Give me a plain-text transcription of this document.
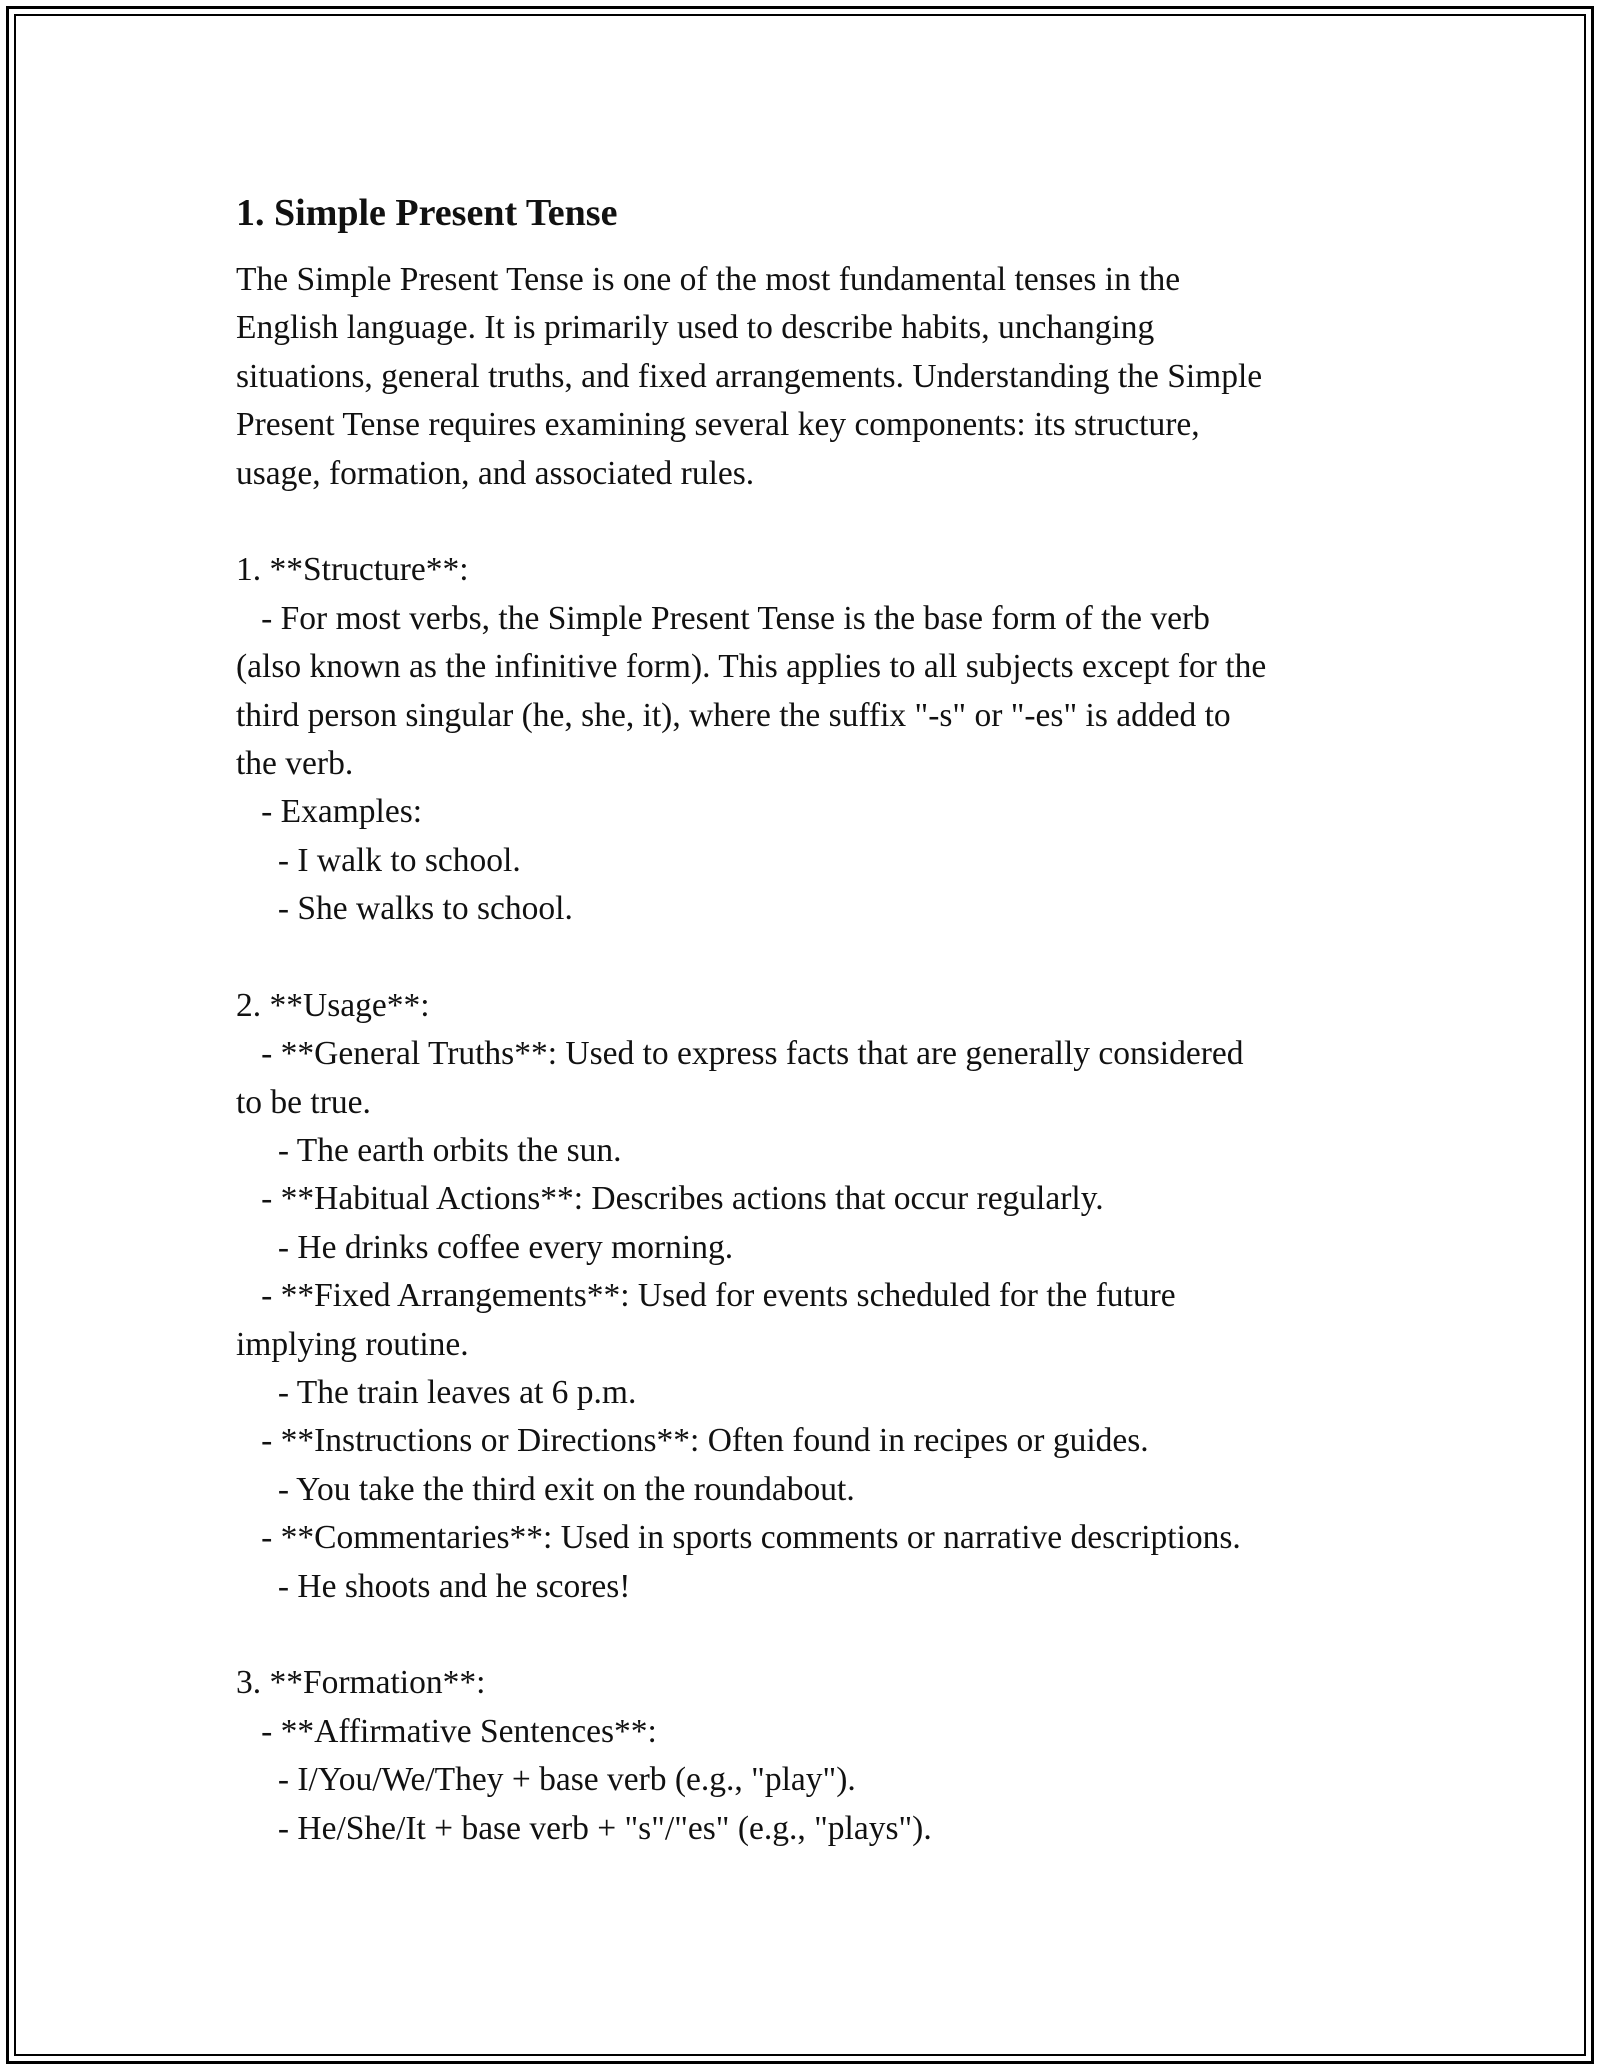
1. Simple Present Tense
The Simple Present Tense is one of the most fundamental tenses in the
English language. It is primarily used to describe habits, unchanging
situations, general truths, and fixed arrangements. Understanding the Simple
Present Tense requires examining several key components: its structure,
usage, formation, and associated rules.
1. **Structure**:
- For most verbs, the Simple Present Tense is the base form of the verb
(also known as the infinitive form). This applies to all subjects except for the
third person singular (he, she, it), where the suffix "-s" or "-es" is added to
the verb.
- Examples:
- I walk to school.
- She walks to school.
2. **Usage**:
- **General Truths**: Used to express facts that are generally considered
to be true.
- The earth orbits the sun.
- **Habitual Actions**: Describes actions that occur regularly.
- He drinks coffee every morning.
- **Fixed Arrangements**: Used for events scheduled for the future
implying routine.
- The train leaves at 6 p.m.
- **Instructions or Directions**: Often found in recipes or guides.
- You take the third exit on the roundabout.
- **Commentaries**: Used in sports comments or narrative descriptions.
- He shoots and he scores!
3. **Formation**:
- **Affirmative Sentences**:
- I/You/We/They + base verb (e.g., "play").
- He/She/It + base verb + "s"/"es" (e.g., "plays").
